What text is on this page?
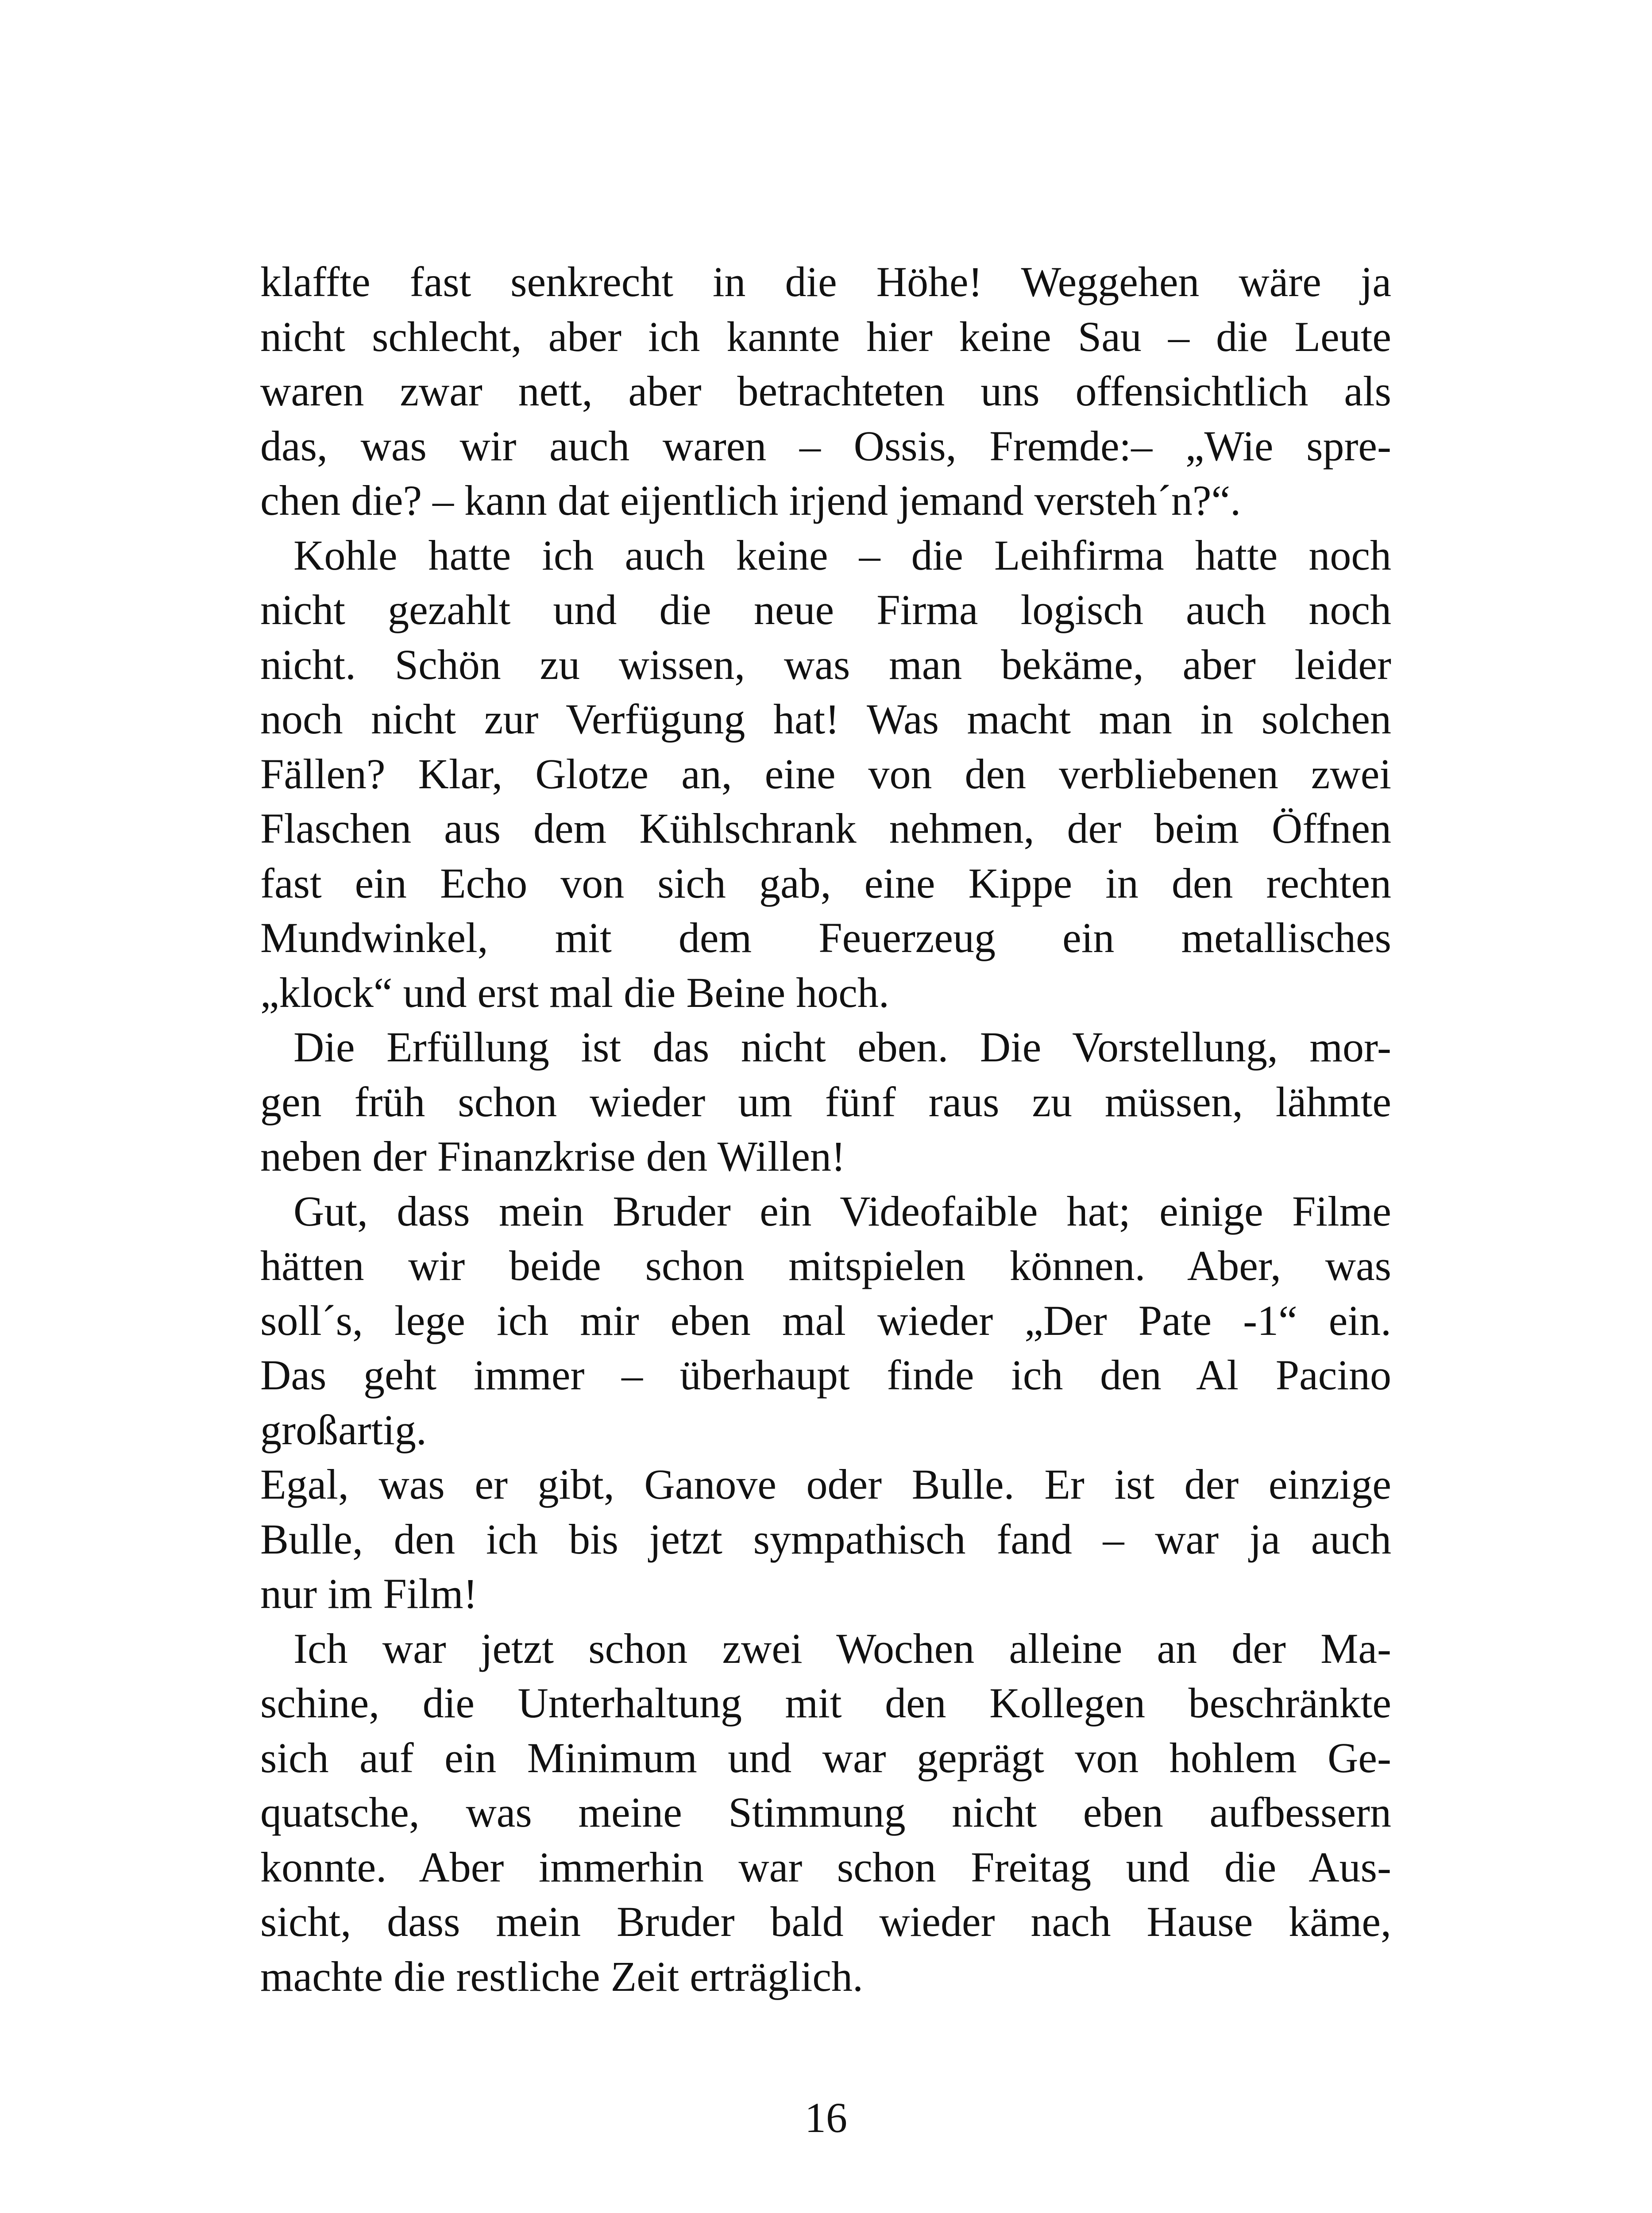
klaffte fast senkrecht in die Höhe! Weggehen wäre ja
nicht schlecht, aber ich kannte hier keine Sau – die Leute
waren zwar nett, aber betrachteten uns offensichtlich als
das, was wir auch waren – Ossis, Fremde:– „Wie spre-
chen die? – kann dat eijentlich irjend jemand versteh´n?“.
Kohle hatte ich auch keine – die Leihfirma hatte noch
nicht gezahlt und die neue Firma logisch auch noch
nicht. Schön zu wissen, was man bekäme, aber leider
noch nicht zur Verfügung hat! Was macht man in solchen
Fällen? Klar, Glotze an, eine von den verbliebenen zwei
Flaschen aus dem Kühlschrank nehmen, der beim Öffnen
fast ein Echo von sich gab, eine Kippe in den rechten
Mundwinkel, mit dem Feuerzeug ein metallisches
„klock“ und erst mal die Beine hoch.
Die Erfüllung ist das nicht eben. Die Vorstellung, mor-
gen früh schon wieder um fünf raus zu müssen, lähmte
neben der Finanzkrise den Willen!
Gut, dass mein Bruder ein Videofaible hat; einige Filme
hätten wir beide schon mitspielen können. Aber, was
soll´s, lege ich mir eben mal wieder „Der Pate -1“ ein.
Das geht immer – überhaupt finde ich den Al Pacino
großartig.
Egal, was er gibt, Ganove oder Bulle. Er ist der einzige
Bulle, den ich bis jetzt sympathisch fand – war ja auch
nur im Film!
Ich war jetzt schon zwei Wochen alleine an der Ma-
schine, die Unterhaltung mit den Kollegen beschränkte
sich auf ein Minimum und war geprägt von hohlem Ge-
quatsche, was meine Stimmung nicht eben aufbessern
konnte. Aber immerhin war schon Freitag und die Aus-
sicht, dass mein Bruder bald wieder nach Hause käme,
machte die restliche Zeit erträglich.
16
